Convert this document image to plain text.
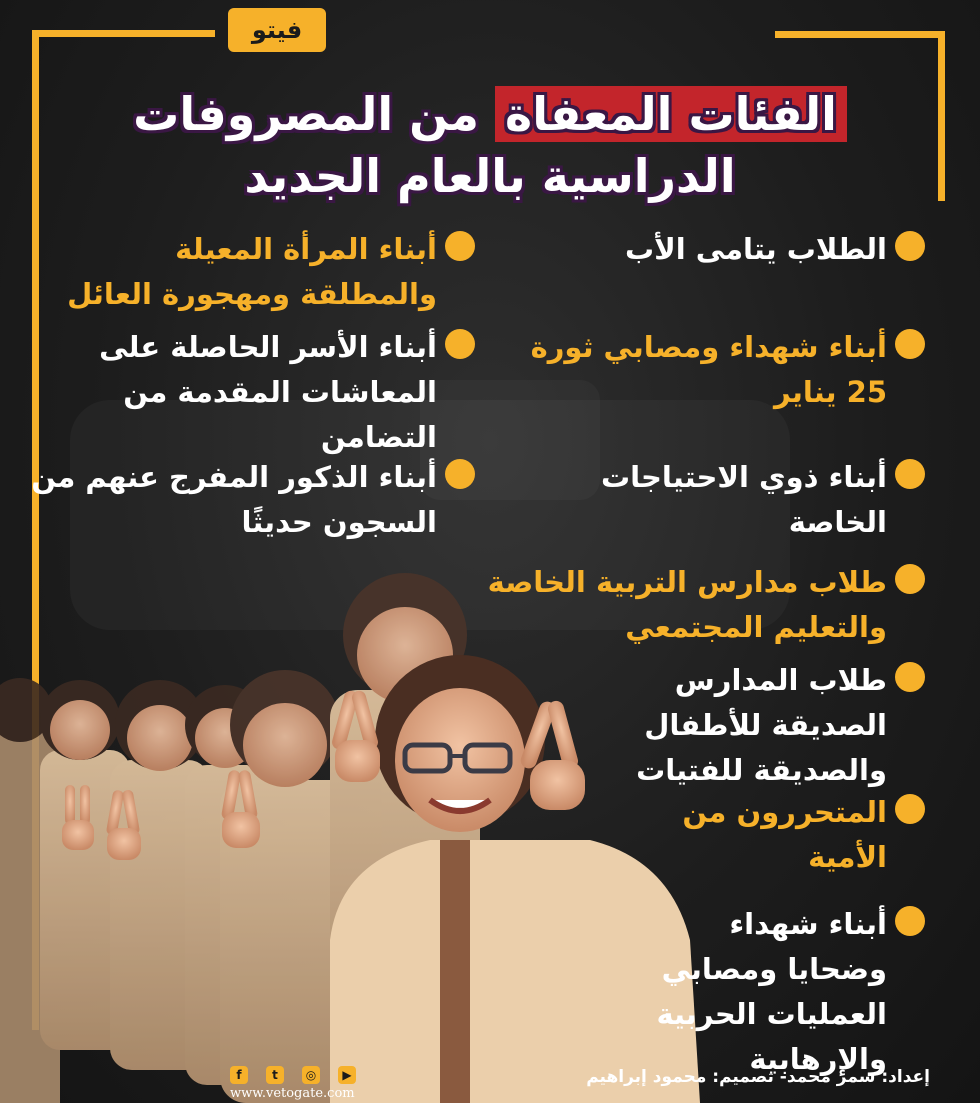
فيتو
الفئات المعفاة من المصروفات
الدراسية بالعام الجديد
إعداد: سمر محمد- تصميم: محمود إبراهيم
www.vetogate.com
▶
◎
t
f
الطلاب يتامى الأب
أبناء شهداء ومصابي ثورة
25 يناير
أبناء ذوي الاحتياجات
الخاصة
طلاب مدارس التربية الخاصة
والتعليم المجتمعي
طلاب المدارس
الصديقة للأطفال
والصديقة للفتيات
المتحررون من
الأمية
أبناء شهداء
وضحايا ومصابي
العمليات الحربية
والإرهابية
أبناء المرأة المعيلة
والمطلقة ومهجورة العائل
أبناء الأسر الحاصلة على
المعاشات المقدمة من
التضامن
أبناء الذكور المفرج عنهم من
السجون حديثًا
